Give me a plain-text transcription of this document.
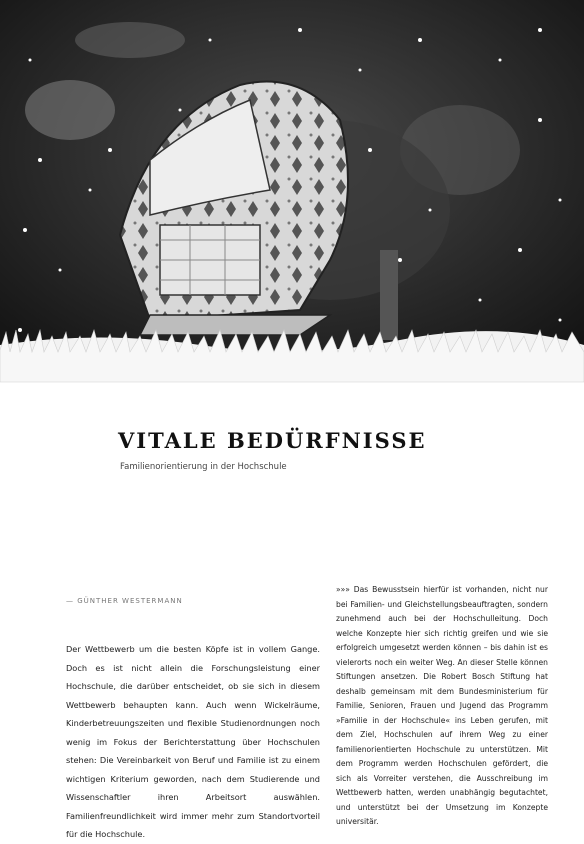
VITALE BEDÜRFNISSE

Familienorientierung in der Hochschule

— GÜNTHER WESTERMANN

Der Wettbewerb um die besten Köpfe ist in vollem Gange. Doch es ist nicht allein die Forschungsleistung einer Hochschule, die darüber entscheidet, ob sie sich in diesem Wettbewerb behaupten kann. Auch wenn Wickelräume, Kinderbetreuungszeiten und flexible Studienordnungen noch wenig im Fokus der Berichterstattung über Hochschulen stehen: Die Vereinbarkeit von Beruf und Familie ist zu einem wichtigen Kriterium geworden, nach dem Studierende und Wissenschaftler ihren Arbeitsort auswählen. Familienfreundlichkeit wird immer mehr zum Standortvorteil für die Hochschule.

»»» Das Bewusstsein hierfür ist vorhanden, nicht nur bei Familien- und Gleichstellungsbeauftragten, sondern zunehmend auch bei der Hochschulleitung. Doch welche Konzepte hier sich richtig greifen und wie sie erfolgreich umgesetzt werden können – bis dahin ist es vielerorts noch ein weiter Weg. An dieser Stelle können Stiftungen ansetzen. Die Robert Bosch Stiftung hat deshalb gemeinsam mit dem Bundesministerium für Familie, Senioren, Frauen und Jugend das Programm »Familie in der Hochschule« ins Leben gerufen, mit dem Ziel, Hochschulen auf ihrem Weg zu einer familienorientierten Hochschule zu unterstützen. Mit dem Programm werden Hochschulen gefördert, die sich als Vorreiter verstehen, die Ausschreibung im Wettbewerb hatten, werden unabhängig begutachtet, und unterstützt bei der Umsetzung im Konzepte universitär.
